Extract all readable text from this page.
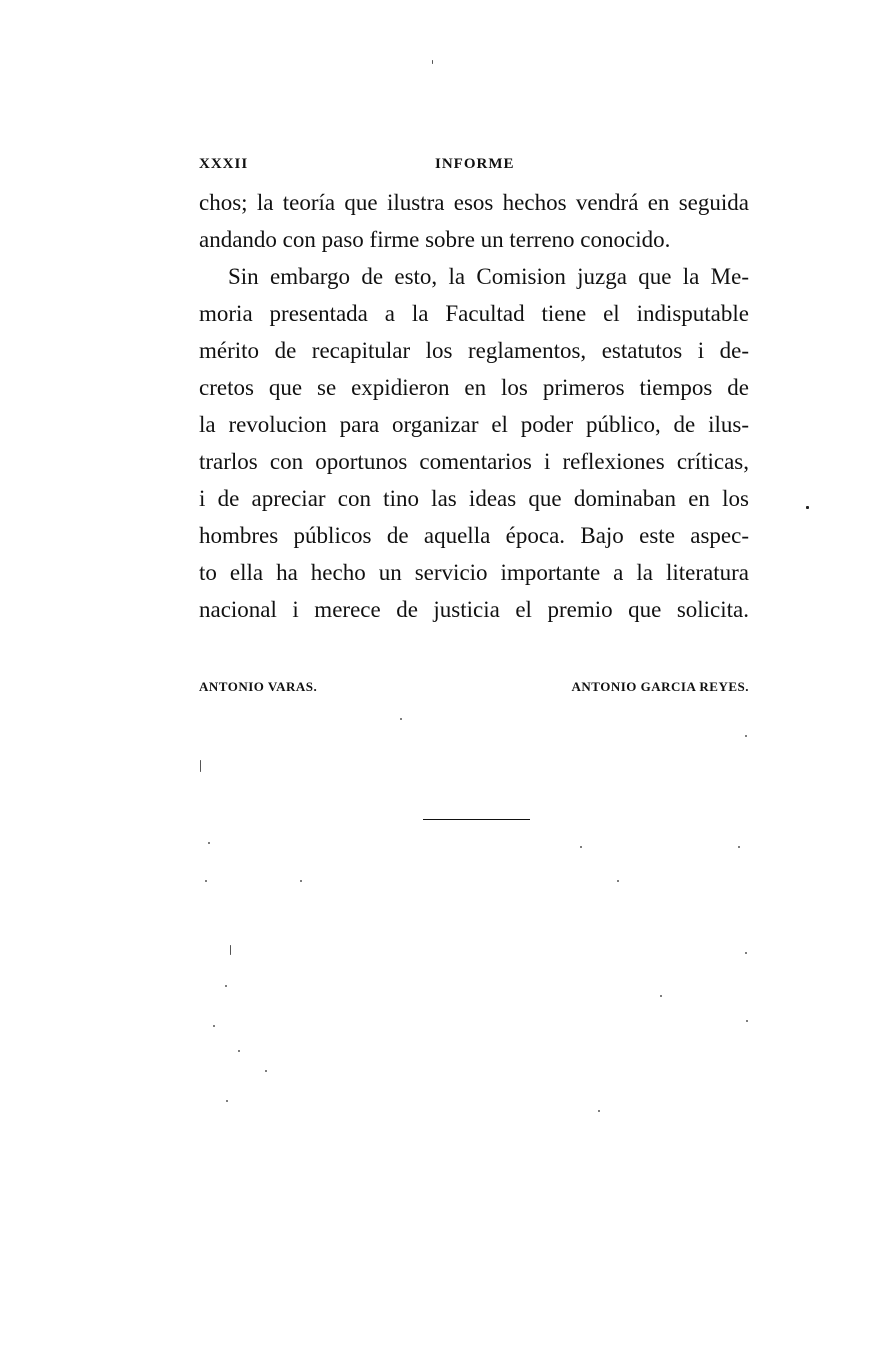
XXXII	INFORME
chos; la teoría que ilustra esos hechos vendrá en seguida
andando con paso firme sobre un terreno conocido.
Sin embargo de esto, la Comision juzga que la Me-
moria presentada a la Facultad tiene el indisputable
mérito de recapitular los reglamentos, estatutos i de-
cretos que se expidieron en los primeros tiempos de
la revolucion para organizar el poder público, de ilus-
trarlos con oportunos comentarios i reflexiones críticas,
i de apreciar con tino las ideas que dominaban en los
hombres públicos de aquella época. Bajo este aspec-
to ella ha hecho un servicio importante a la literatura
nacional i merece de justicia el premio que solicita.
ANTONIO VARAS.	ANTONIO GARCIA REYES.
